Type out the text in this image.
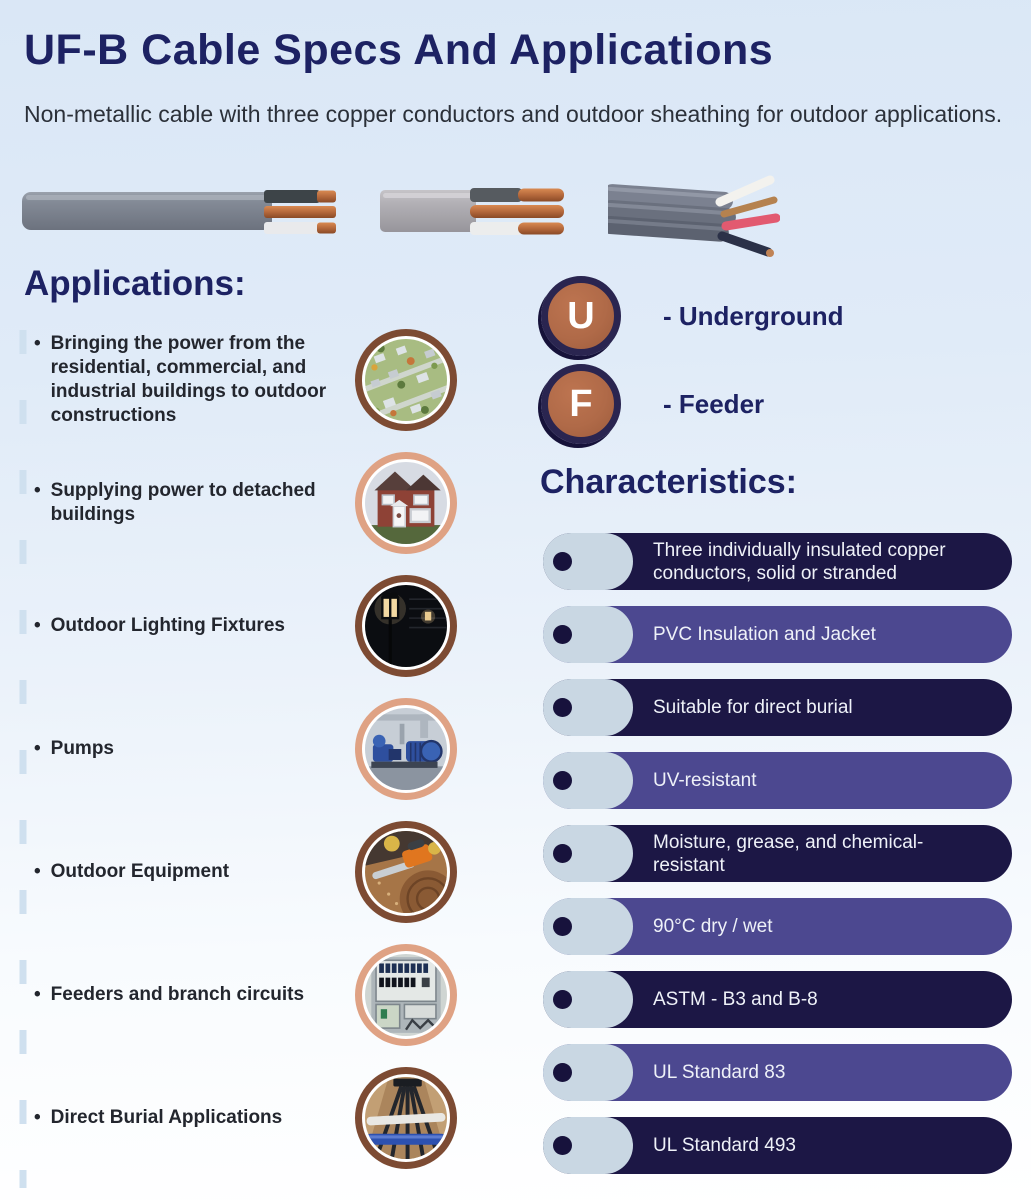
UF-B Cable Specs And Applications

Non-metallic cable with three copper conductors and outdoor sheathing for outdoor applications.

Applications:
• Bringing the power from the residential, commercial, and industrial buildings to outdoor constructions
• Supplying power to detached buildings
• Outdoor Lighting Fixtures
• Pumps
• Outdoor Equipment
• Feeders and branch circuits
• Direct Burial Applications
U	- Underground
F	- Feeder
Characteristics:
Three individually insulated copper conductors, solid or stranded
PVC Insulation and Jacket
Suitable for direct burial
UV-resistant
Moisture, grease, and chemical-resistant
90°C dry / wet
ASTM - B3 and B-8
UL Standard 83
UL Standard 493
